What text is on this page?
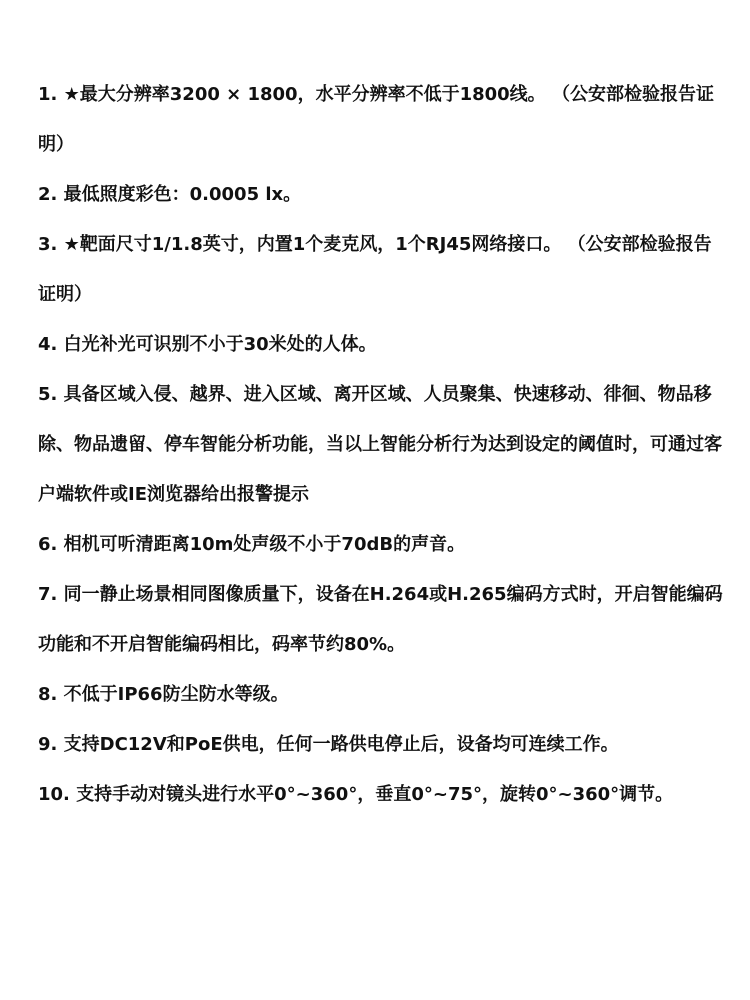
1. ★最大分辨率3200 × 1800，水平分辨率不低于1800线。 （公安部检验报告证明）

2. 最低照度彩色：0.0005 lx。

3. ★靶面尺寸1/1.8英寸，内置1个麦克风，1个RJ45网络接口。 （公安部检验报告证明）

4. 白光补光可识别不小于30米处的人体。

5. 具备区域入侵、越界、进入区域、离开区域、人员聚集、快速移动、徘徊、物品移除、物品遗留、停车智能分析功能，当以上智能分析行为达到设定的阈值时，可通过客户端软件或IE浏览器给出报警提示

6. 相机可听清距离10m处声级不小于70dB的声音。

7. 同一静止场景相同图像质量下，设备在H.264或H.265编码方式时，开启智能编码功能和不开启智能编码相比，码率节约80%。

8. 不低于IP66防尘防水等级。

9. 支持DC12V和PoE供电，任何一路供电停止后，设备均可连续工作。

10. 支持手动对镜头进行水平0°~360°，垂直0°~75°，旋转0°~360°调节。
